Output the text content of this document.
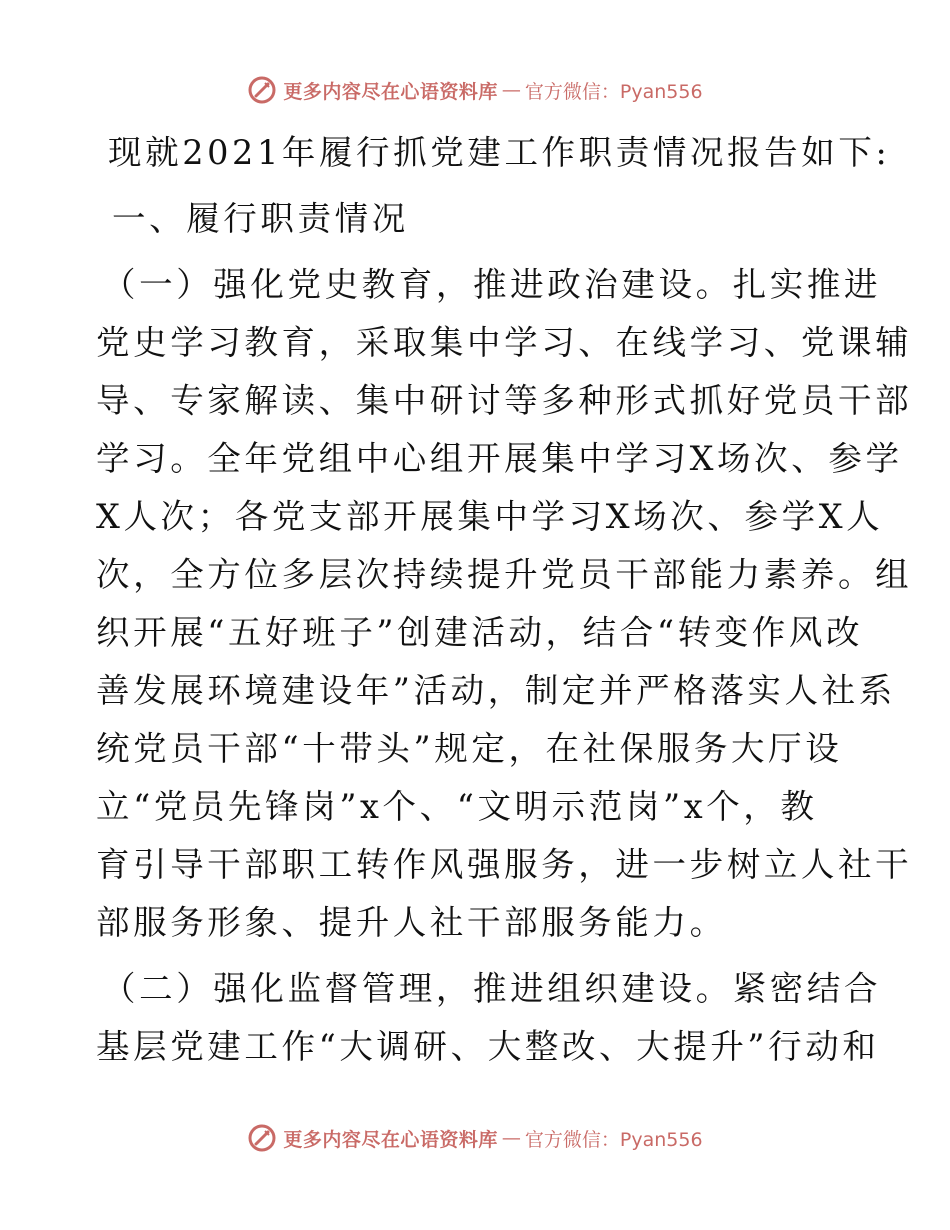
更多内容尽在心语资料库 — 官方微信：Pyan556
现就2021年履行抓党建工作职责情况报告如下:
一、履行职责情况
（一）强化党史教育，推进政治建设。扎实推进
党史学习教育，采取集中学习、在线学习、党课辅
导、专家解读、集中研讨等多种形式抓好党员干部
学习。全年党组中心组开展集中学习X场次、参学
X人次；各党支部开展集中学习X场次、参学X人
次，全方位多层次持续提升党员干部能力素养。组
织开展“五好班子”创建活动，结合“转变作风改
善发展环境建设年”活动，制定并严格落实人社系
统党员干部“十带头”规定，在社保服务大厅设
立“党员先锋岗”x个、“文明示范岗”x个，教
育引导干部职工转作风强服务，进一步树立人社干
部服务形象、提升人社干部服务能力。
（二）强化监督管理，推进组织建设。紧密结合
基层党建工作“大调研、大整改、大提升”行动和
更多内容尽在心语资料库 — 官方微信：Pyan556
